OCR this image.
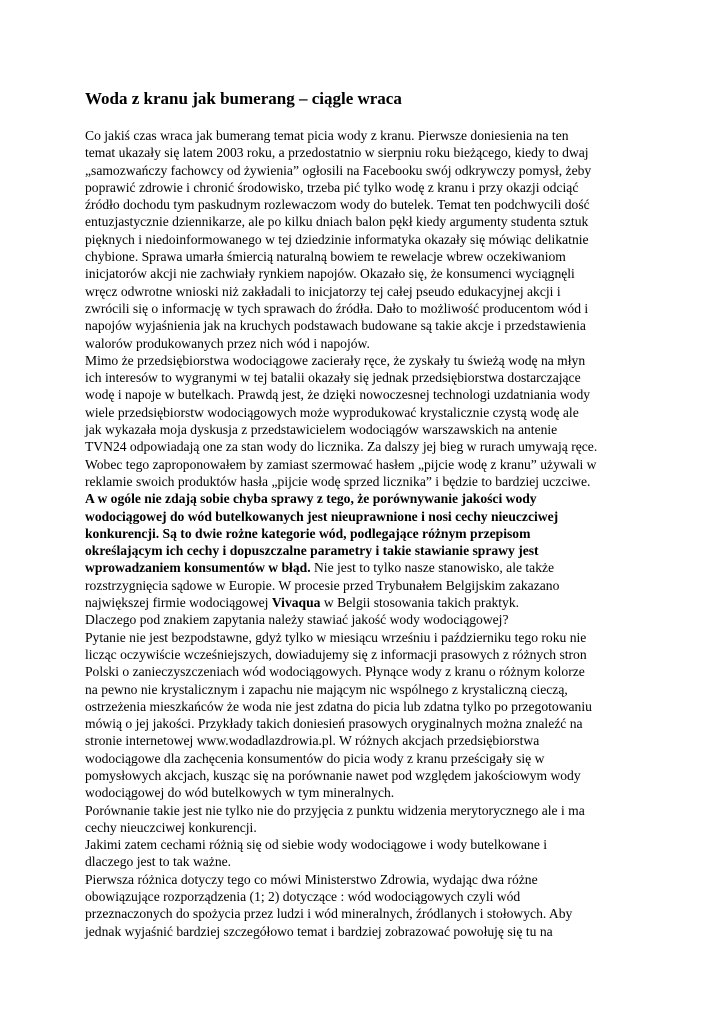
Woda z kranu jak bumerang – ciągle wraca
Co jakiś czas wraca jak bumerang temat picia wody z kranu. Pierwsze doniesienia na ten
temat ukazały się latem 2003 roku, a przedostatnio w sierpniu roku bieżącego, kiedy to dwaj
„samozwańczy fachowcy od żywienia” ogłosili na Facebooku swój odkrywczy pomysł, żeby
poprawić zdrowie i chronić środowisko, trzeba pić tylko wodę z kranu i przy okazji odciąć
źródło dochodu tym paskudnym rozlewaczom wody do butelek. Temat ten podchwycili dość
entuzjastycznie dziennikarze, ale po kilku dniach balon pękł kiedy argumenty studenta sztuk
pięknych i niedoinformowanego w tej dziedzinie informatyka okazały się mówiąc delikatnie
chybione. Sprawa umarła śmiercią naturalną bowiem te rewelacje wbrew oczekiwaniom
inicjatorów akcji nie zachwiały rynkiem napojów. Okazało się, że konsumenci wyciągnęli
wręcz odwrotne wnioski niż zakładali to inicjatorzy tej całej pseudo edukacyjnej akcji i
zwrócili się o informację w tych sprawach do źródła. Dało to możliwość producentom wód i
napojów wyjaśnienia jak na kruchych podstawach budowane są takie akcje i przedstawienia
walorów produkowanych przez nich wód i napojów.
Mimo że przedsiębiorstwa wodociągowe zacierały ręce, że zyskały tu świeżą wodę na młyn
ich interesów to wygranymi w tej batalii okazały się jednak przedsiębiorstwa dostarczające
wodę i napoje w butelkach. Prawdą jest, że dzięki nowoczesnej technologi uzdatniania wody
wiele przedsiębiorstw wodociągowych może wyprodukować krystalicznie czystą wodę ale
jak wykazała moja dyskusja z przedstawicielem wodociągów warszawskich na antenie
TVN24 odpowiadają one za stan wody do licznika. Za dalszy jej bieg w rurach umywają ręce.
Wobec tego zaproponowałem by zamiast szermować hasłem „pijcie wodę z kranu” używali w
reklamie swoich produktów hasła „pijcie wodę sprzed licznika” i będzie to bardziej uczciwe.
A w ogóle nie zdają sobie chyba sprawy z tego, że porównywanie jakości wody
wodociągowej do wód butelkowanych jest nieuprawnione i nosi cechy nieuczciwej
konkurencji. Są to dwie rożne kategorie wód, podlegające różnym przepisom
określającym ich cechy i dopuszczalne parametry i takie stawianie sprawy jest
wprowadzaniem konsumentów w błąd. Nie jest to tylko nasze stanowisko, ale także
rozstrzygnięcia sądowe w Europie. W procesie przed Trybunałem Belgijskim zakazano
największej firmie wodociągowej Vivaqua w Belgii stosowania takich praktyk.
Dlaczego pod znakiem zapytania należy stawiać jakość wody wodociągowej?
Pytanie nie jest bezpodstawne, gdyż tylko w miesiącu wrześniu i październiku tego roku nie
licząc oczywiście wcześniejszych, dowiadujemy się z informacji prasowych z różnych stron
Polski o zanieczyszczeniach wód wodociągowych. Płynące wody z kranu o różnym kolorze
na pewno nie krystalicznym i zapachu nie mającym nic wspólnego z krystaliczną cieczą,
ostrzeżenia mieszkańców że woda nie jest zdatna do picia lub zdatna tylko po przegotowaniu
mówią o jej jakości. Przykłady takich doniesień prasowych oryginalnych można znaleźć na
stronie internetowej www.wodadlazdrowia.pl. W różnych akcjach przedsiębiorstwa
wodociągowe dla zachęcenia konsumentów do picia wody z kranu prześcigały się w
pomysłowych akcjach, kusząc się na porównanie nawet pod względem jakościowym wody
wodociągowej do wód butelkowych w tym mineralnych.
Porównanie takie jest nie tylko nie do przyjęcia z punktu widzenia merytorycznego ale i ma
cechy nieuczciwej konkurencji.
Jakimi zatem cechami różnią się od siebie wody wodociągowe i wody butelkowane i
dlaczego jest to tak ważne.
Pierwsza różnica dotyczy tego co mówi Ministerstwo Zdrowia, wydając dwa różne
obowiązujące rozporządzenia (1; 2) dotyczące : wód wodociągowych czyli wód
przeznaczonych do spożycia przez ludzi i wód mineralnych, źródlanych i stołowych. Aby
jednak wyjaśnić bardziej szczegółowo temat i bardziej zobrazować powołuję się tu na
